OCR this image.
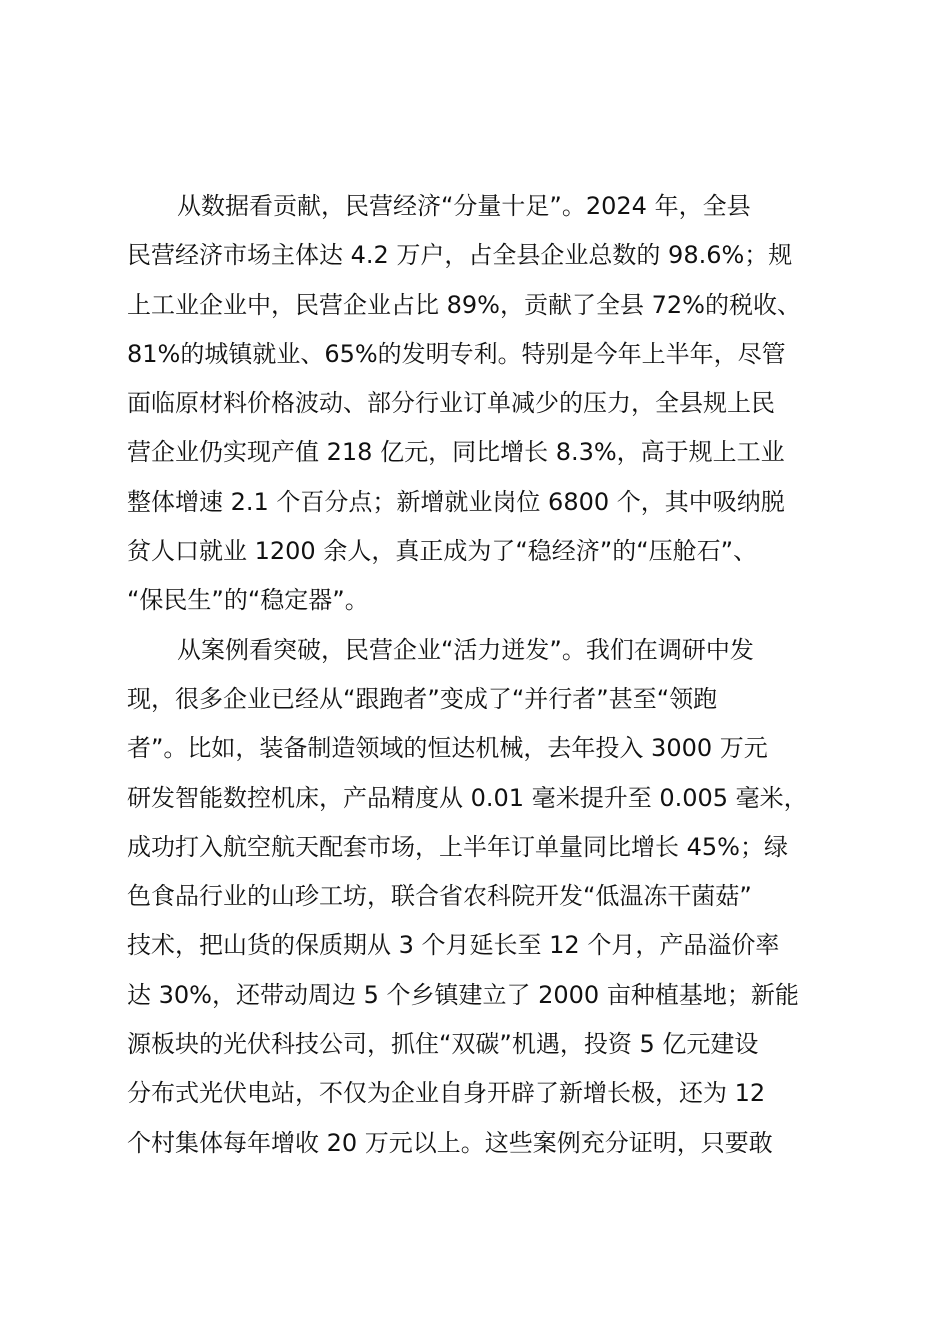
从数据看贡献，民营经济“分量十足”。2024 年，全县
民营经济市场主体达 4.2 万户，占全县企业总数的 98.6%；规
上工业企业中，民营企业占比 89%，贡献了全县 72%的税收、
81%的城镇就业、65%的发明专利。特别是今年上半年，尽管
面临原材料价格波动、部分行业订单减少的压力，全县规上民
营企业仍实现产值 218 亿元，同比增长 8.3%，高于规上工业
整体增速 2.1 个百分点；新增就业岗位 6800 个，其中吸纳脱
贫人口就业 1200 余人，真正成为了“稳经济”的“压舱石”、
“保民生”的“稳定器”。
从案例看突破，民营企业“活力迸发”。我们在调研中发
现，很多企业已经从“跟跑者”变成了“并行者”甚至“领跑
者”。比如，装备制造领域的恒达机械，去年投入 3000 万元
研发智能数控机床，产品精度从 0.01 毫米提升至 0.005 毫米，
成功打入航空航天配套市场，上半年订单量同比增长 45%；绿
色食品行业的山珍工坊，联合省农科院开发“低温冻干菌菇”
技术，把山货的保质期从 3 个月延长至 12 个月，产品溢价率
达 30%，还带动周边 5 个乡镇建立了 2000 亩种植基地；新能
源板块的光伏科技公司，抓住“双碳”机遇，投资 5 亿元建设
分布式光伏电站，不仅为企业自身开辟了新增长极，还为 12
个村集体每年增收 20 万元以上。这些案例充分证明，只要敢
